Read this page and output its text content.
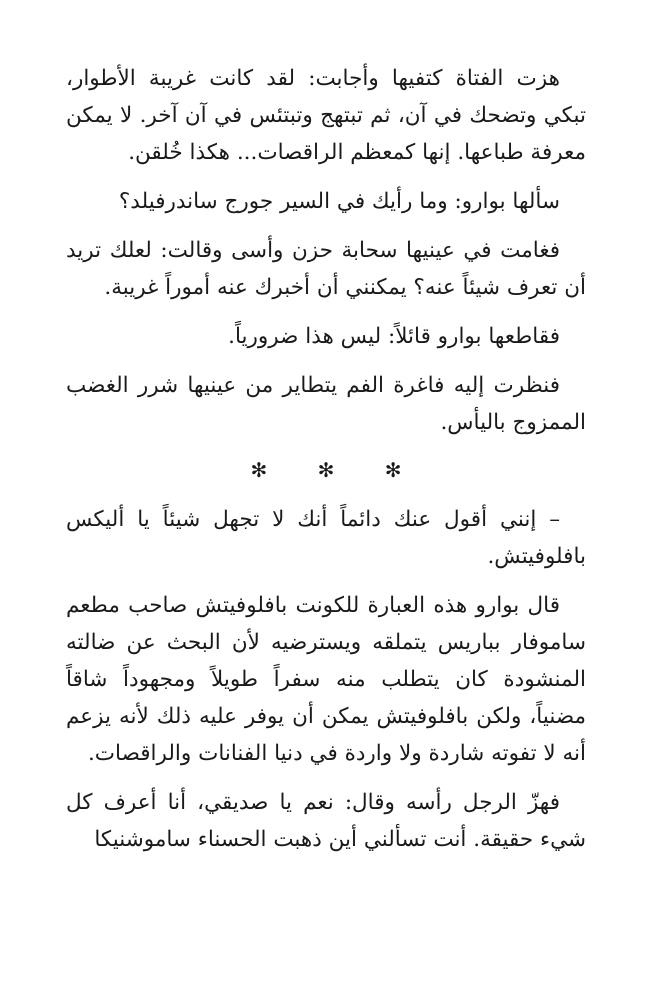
هزت الفتاة كتفيها وأجابت: لقد كانت غريبة الأطوار، تبكي وتضحك في آن، ثم تبتهج وتبتئس في آن آخر. لا يمكن معرفة طباعها. إنها كمعظم الراقصات... هكذا خُلقن.

سألها بوارو: وما رأيك في السير جورج ساندرفيلد؟

فغامت في عينيها سحابة حزن وأسى وقالت: لعلك تريد أن تعرف شيئاً عنه؟ يمكنني أن أخبرك عنه أموراً غريبة.

فقاطعها بوارو قائلاً: ليس هذا ضرورياً.

فنظرت إليه فاغرة الفم يتطاير من عينيها شرر الغضب الممزوج باليأس.

✻ ✻ ✻

– إنني أقول عنك دائماً أنك لا تجهل شيئاً يا أليكس بافلوفيتش.

قال بوارو هذه العبارة للكونت بافلوفيتش صاحب مطعم ساموفار بباريس يتملقه ويسترضيه لأن البحث عن ضالته المنشودة كان يتطلب منه سفراً طويلاً ومجهوداً شاقاً مضنياً، ولكن بافلوفيتش يمكن أن يوفر عليه ذلك لأنه يزعم أنه لا تفوته شاردة ولا واردة في دنيا الفنانات والراقصات.

فهزّ الرجل رأسه وقال: نعم يا صديقي، أنا أعرف كل شيء حقيقة. أنت تسألني أين ذهبت الحسناء ساموشنيكا
